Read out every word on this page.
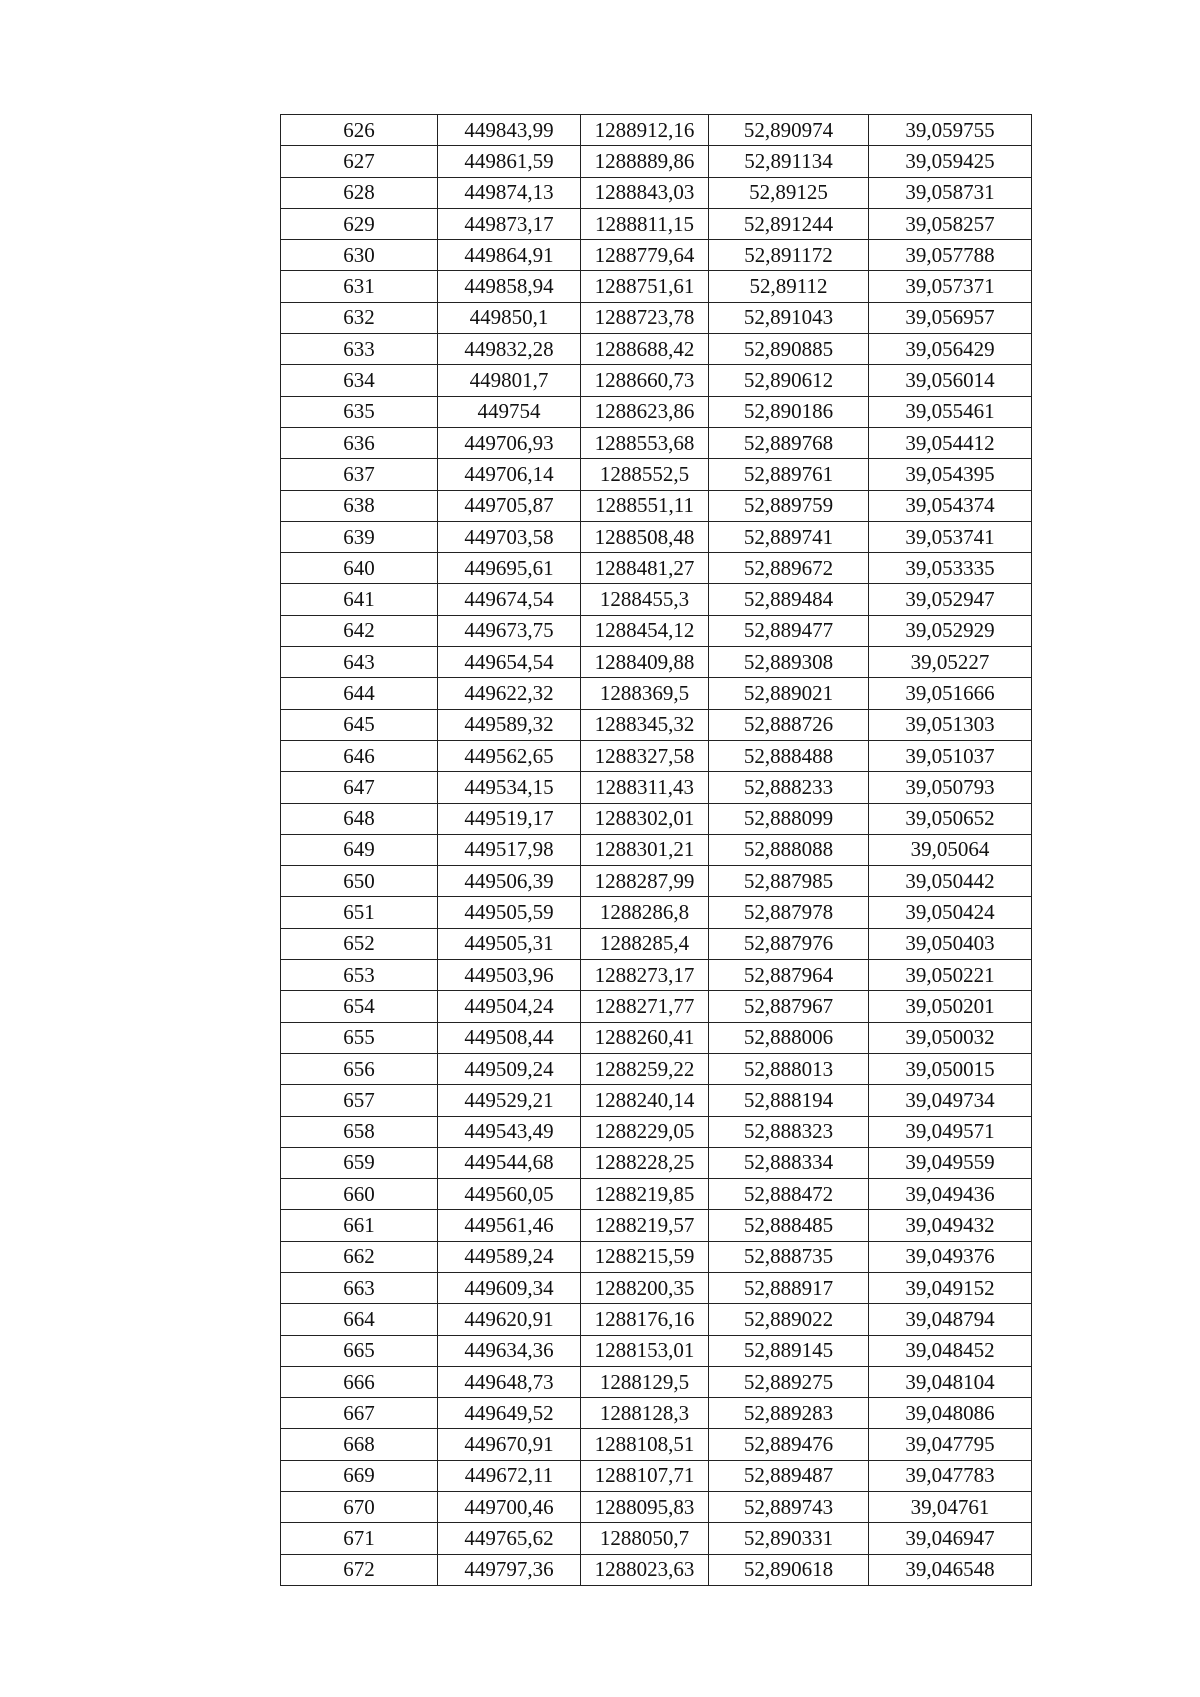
626	449843,99	1288912,16	52,890974	39,059755
627	449861,59	1288889,86	52,891134	39,059425
628	449874,13	1288843,03	52,89125	39,058731
629	449873,17	1288811,15	52,891244	39,058257
630	449864,91	1288779,64	52,891172	39,057788
631	449858,94	1288751,61	52,89112	39,057371
632	449850,1	1288723,78	52,891043	39,056957
633	449832,28	1288688,42	52,890885	39,056429
634	449801,7	1288660,73	52,890612	39,056014
635	449754	1288623,86	52,890186	39,055461
636	449706,93	1288553,68	52,889768	39,054412
637	449706,14	1288552,5	52,889761	39,054395
638	449705,87	1288551,11	52,889759	39,054374
639	449703,58	1288508,48	52,889741	39,053741
640	449695,61	1288481,27	52,889672	39,053335
641	449674,54	1288455,3	52,889484	39,052947
642	449673,75	1288454,12	52,889477	39,052929
643	449654,54	1288409,88	52,889308	39,05227
644	449622,32	1288369,5	52,889021	39,051666
645	449589,32	1288345,32	52,888726	39,051303
646	449562,65	1288327,58	52,888488	39,051037
647	449534,15	1288311,43	52,888233	39,050793
648	449519,17	1288302,01	52,888099	39,050652
649	449517,98	1288301,21	52,888088	39,05064
650	449506,39	1288287,99	52,887985	39,050442
651	449505,59	1288286,8	52,887978	39,050424
652	449505,31	1288285,4	52,887976	39,050403
653	449503,96	1288273,17	52,887964	39,050221
654	449504,24	1288271,77	52,887967	39,050201
655	449508,44	1288260,41	52,888006	39,050032
656	449509,24	1288259,22	52,888013	39,050015
657	449529,21	1288240,14	52,888194	39,049734
658	449543,49	1288229,05	52,888323	39,049571
659	449544,68	1288228,25	52,888334	39,049559
660	449560,05	1288219,85	52,888472	39,049436
661	449561,46	1288219,57	52,888485	39,049432
662	449589,24	1288215,59	52,888735	39,049376
663	449609,34	1288200,35	52,888917	39,049152
664	449620,91	1288176,16	52,889022	39,048794
665	449634,36	1288153,01	52,889145	39,048452
666	449648,73	1288129,5	52,889275	39,048104
667	449649,52	1288128,3	52,889283	39,048086
668	449670,91	1288108,51	52,889476	39,047795
669	449672,11	1288107,71	52,889487	39,047783
670	449700,46	1288095,83	52,889743	39,04761
671	449765,62	1288050,7	52,890331	39,046947
672	449797,36	1288023,63	52,890618	39,046548
